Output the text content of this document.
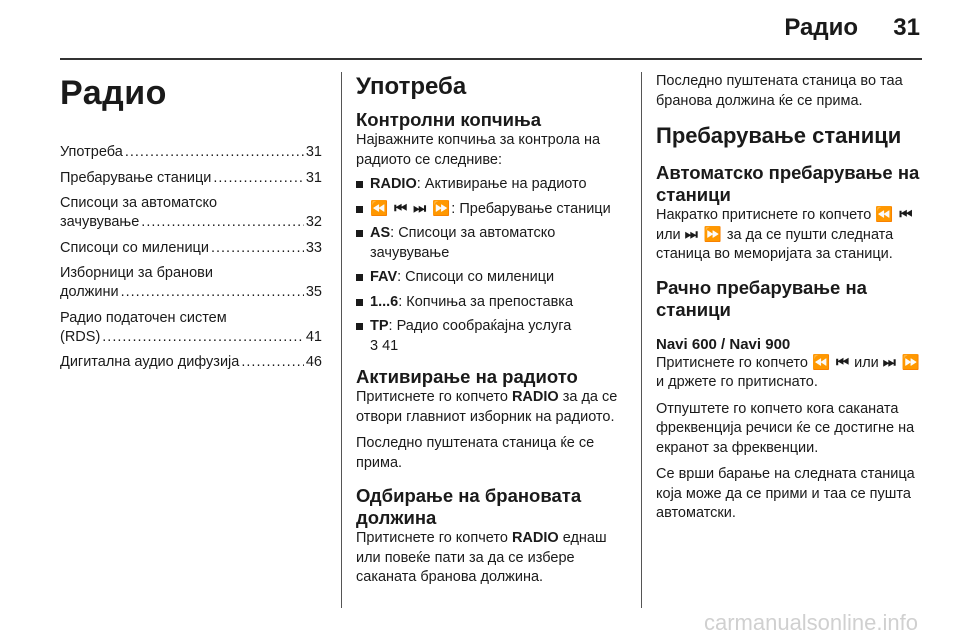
Радио 31
Радио
Употреба .....	31
Пребарување станици .....	31
Списоци за автоматско
зачувување .....	32
Списоци со миленици .....	33
Изборници за бранови
должини .....	35
Радио податочен систем
(RDS) .....	41
Дигитална аудио дифузија .....	46
Употреба
Контролни копчиња

Најважните копчиња за контрола на радиото се следниве:

RADIO: Активирање на радиото
⏪ ⏮ ⏭ ⏩: Пребарување станици
AS: Списоци за автоматско зачувување
FAV: Списоци со миленици
1...6: Копчиња за препоставка
TP: Радио сообраќајна услуга
3 41
Активирање на радиото

Притиснете го копчето RADIO за да се отвори главниот изборник на радиото.

Последно пуштената станица ќе се прима.

Одбирање на брановата должина

Притиснете го копчето RADIO еднаш или повеќе пати за да се избере саканата бранова должина.

Последно пуштената станица во таа бранова должина ќе се прима.

Пребарување станици
Автоматско пребарување на станици

Накратко притиснете го копчето ⏪ ⏮ или ⏭ ⏩ за да се пушти следната станица во меморијата за станици.

Рачно пребарување на станици
Navi 600 / Navi 900

Притиснете го копчето ⏪ ⏮ или ⏭ ⏩ и држете го притиснато.

Отпуштете го копчето кога саканата фреквенција речиси ќе се достигне на екранот за фреквенции.

Се врши барање на следната станица која може да се прими и таа се пушта автоматски.

carmanualsonline.info
